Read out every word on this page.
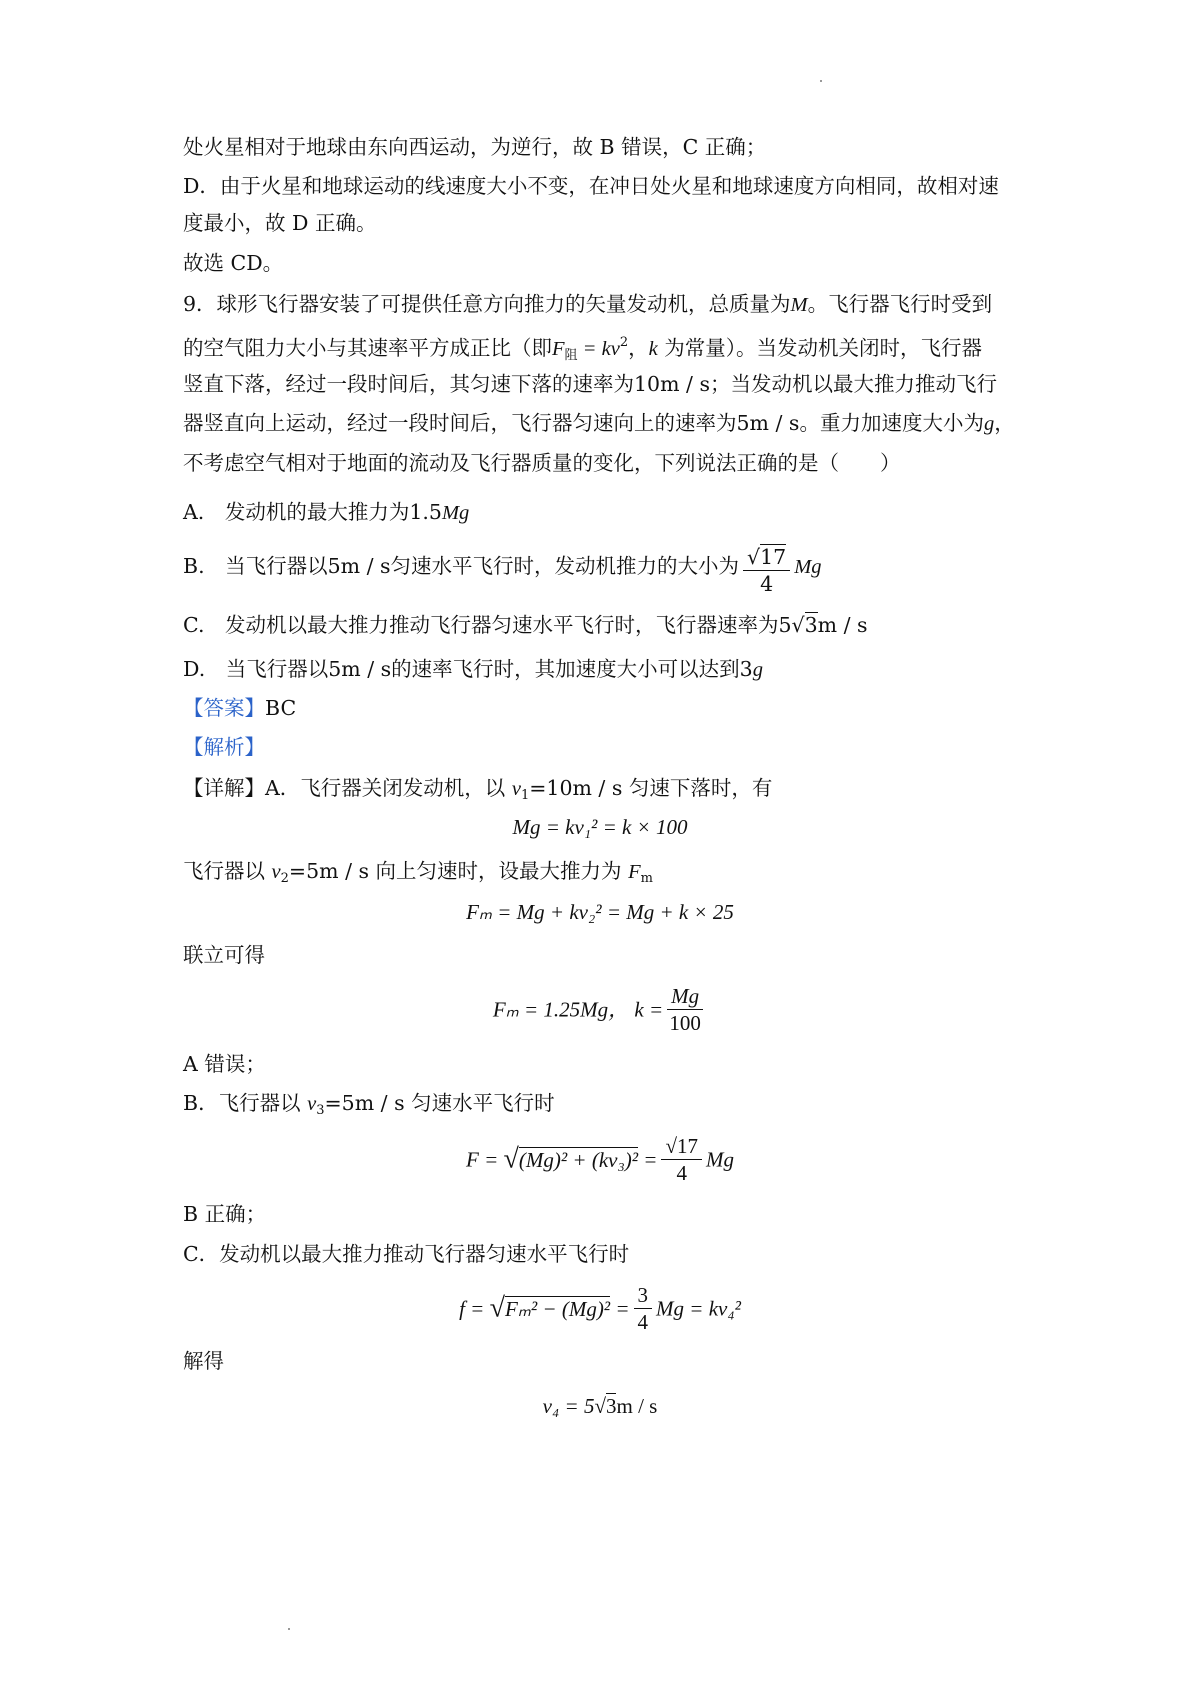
处火星相对于地球由东向西运动，为逆行，故 B 错误，C 正确；
D．由于火星和地球运动的线速度大小不变，在冲日处火星和地球速度方向相同，故相对速
度最小，故 D 正确。
故选 CD。
9．球形飞行器安装了可提供任意方向推力的矢量发动机，总质量为M。飞行器飞行时受到
的空气阻力大小与其速率平方成正比（即$F_阻 = kv^2$，k 为常量）。当发动机关闭时，飞行器
竖直下落，经过一段时间后，其匀速下落的速率为10m / s；当发动机以最大推力推动飞行
器竖直向上运动，经过一段时间后，飞行器匀速向上的速率为5m / s。重力加速度大小为g，
不考虑空气相对于地面的流动及飞行器质量的变化，下列说法正确的是（　　）
A.　 发动机的最大推力为1.5Mg
B.　 当飞行器以5m / s匀速水平飞行时，发动机推力的大小为 $\frac{√17}{4}$ Mg
C.　 发动机以最大推力推动飞行器匀速水平飞行时，飞行器速率为5√3m / s
D.　 当飞行器以5m / s的速率飞行时，其加速度大小可以达到3g
【答案】BC
【解析】
【详解】A．飞行器关闭发动机，以 $v_1=10m / s$ 匀速下落时，有
Mg = kv₁² = k × 100
飞行器以 $v_2=5m / s$ 向上匀速时，设最大推力为 $F_m$
Fₘ = Mg + kv₂² = Mg + k × 25
联立可得
Fₘ = 1.25Mg， $k = \frac{Mg}{100}$
A 错误；
B．飞行器以 $v_3=5m / s$ 匀速水平飞行时
$F = √(Mg)^2 + (kv_3)^2 = \frac{√17}{4}$ Mg
B 正确；
C．发动机以最大推力推动飞行器匀速水平飞行时
$f = √F_m^2 - (Mg)^2 = \frac{3}{4}$ Mg = kv₄²
解得
v₄ = 5√3m / s
